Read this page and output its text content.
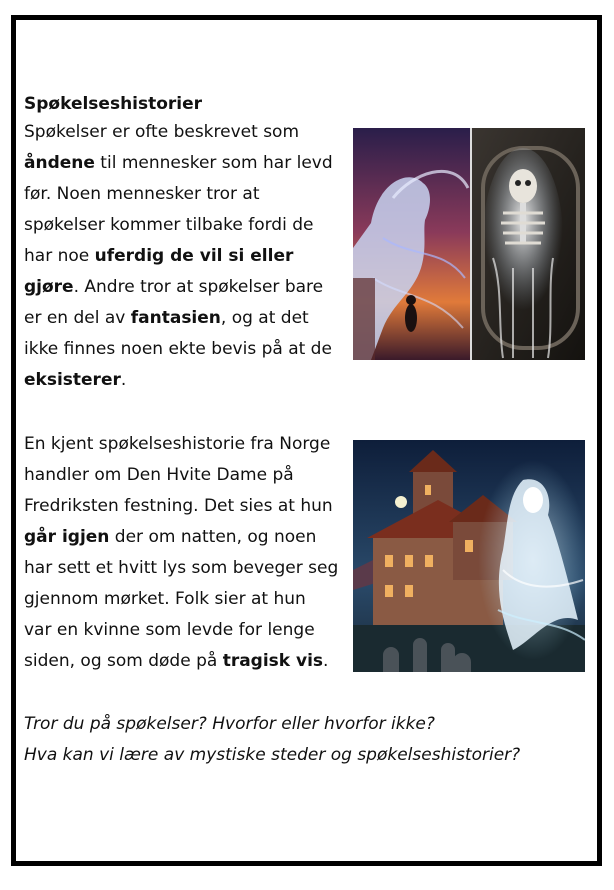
Spøkelseshistorier
Spøkelser er ofte beskrevet som
åndene til mennesker som har levd
før. Noen mennesker tror at
spøkelser kommer tilbake fordi de
har noe uferdig de vil si eller
gjøre. Andre tror at spøkelser bare
er en del av fantasien, og at det
ikke finnes noen ekte bevis på at de
eksisterer.
En kjent spøkelseshistorie fra Norge
handler om Den Hvite Dame på
Fredriksten festning. Det sies at hun
går igjen der om natten, og noen
har sett et hvitt lys som beveger seg
gjennom mørket. Folk sier at hun
var en kvinne som levde for lenge
siden, og som døde på tragisk vis.
Tror du på spøkelser? Hvorfor eller hvorfor ikke?
Hva kan vi lære av mystiske steder og spøkelseshistorier?
